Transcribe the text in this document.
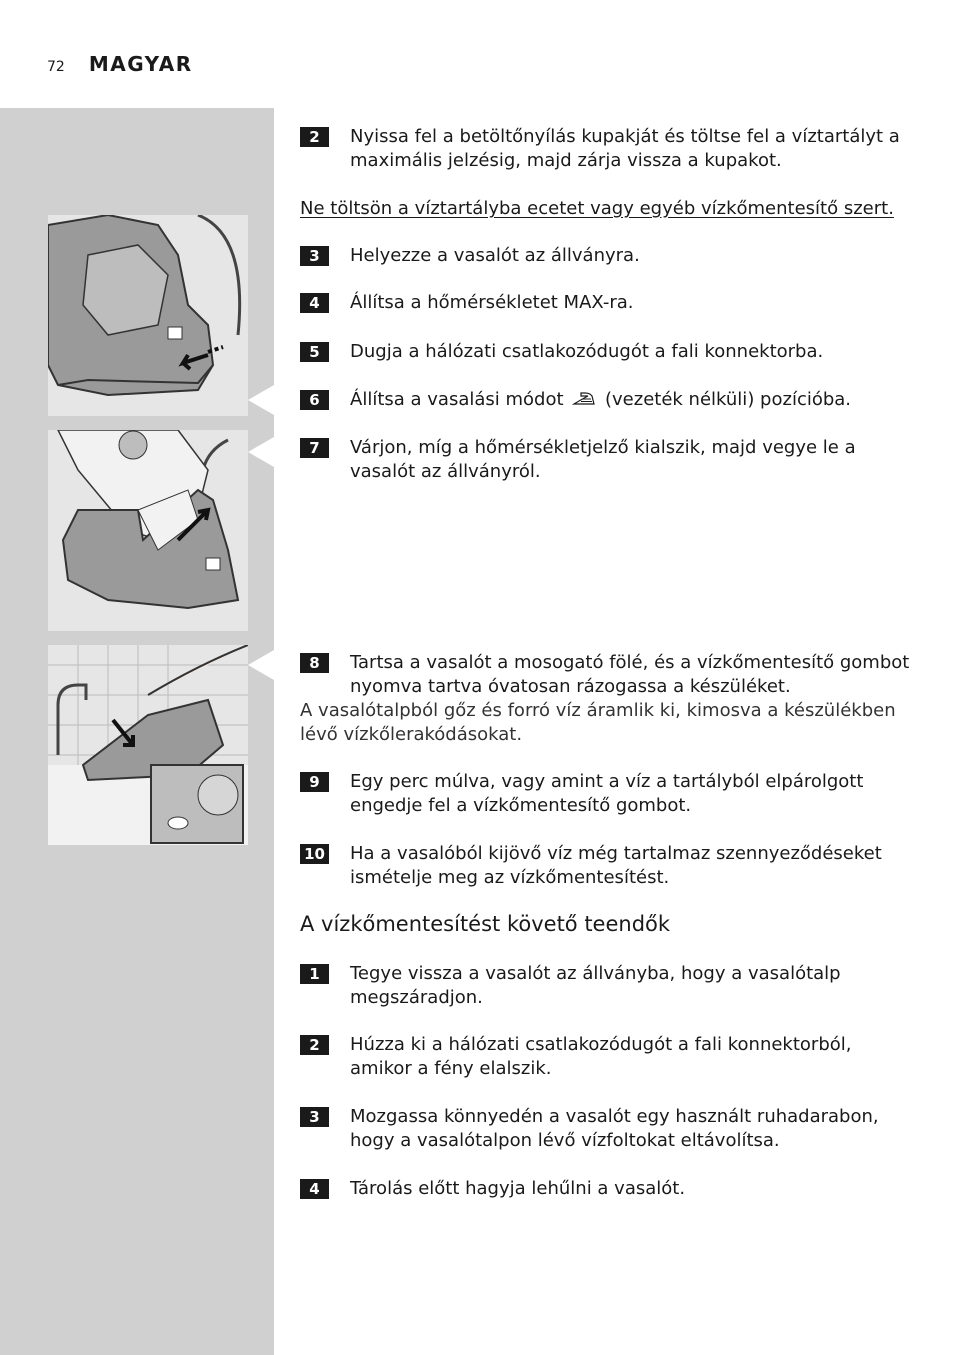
72 MAGYAR
2	Nyissa fel a betöltőnyílás kupakját és töltse fel a víztartályt a maximális jelzésig, majd zárja vissza a kupakot.
Ne töltsön a víztartályba ecetet vagy egyéb vízkőmentesítő szert.
3	Helyezze a vasalót az állványra.
4	Állítsa a hőmérsékletet MAX-ra.
5	Dugja a hálózati csatlakozódugót a fali konnektorba.
6	Állítsa a vasalási módot (vezeték nélküli) pozícióba.
7	Várjon, míg a hőmérsékletjelző kialszik, majd vegye le a vasalót az állványról.
8	Tartsa a vasalót a mosogató fölé, és a vízkőmentesítő gombot nyomva tartva óvatosan rázogassa a készüléket.
A vasalótalpból gőz és forró víz áramlik ki, kimosva a készülékben lévő vízkőlerakódásokat.
9	Egy perc múlva, vagy amint a víz a tartályból elpárolgott engedje fel a vízkőmentesítő gombot.
10 Ha a vasalóból kijövő víz még tartalmaz szennyeződéseket ismételje meg az vízkőmentesítést.
A vízkőmentesítést követő teendők
1	Tegye vissza a vasalót az állványba, hogy a vasalótalp megszáradjon.
2	Húzza ki a hálózati csatlakozódugót a fali konnektorból, amikor a fény elalszik.
3	Mozgassa könnyedén a vasalót egy használt ruhadarabon, hogy a vasalótalpon lévő vízfoltokat eltávolítsa.
4	Tárolás előtt hagyja lehűlni a vasalót.
